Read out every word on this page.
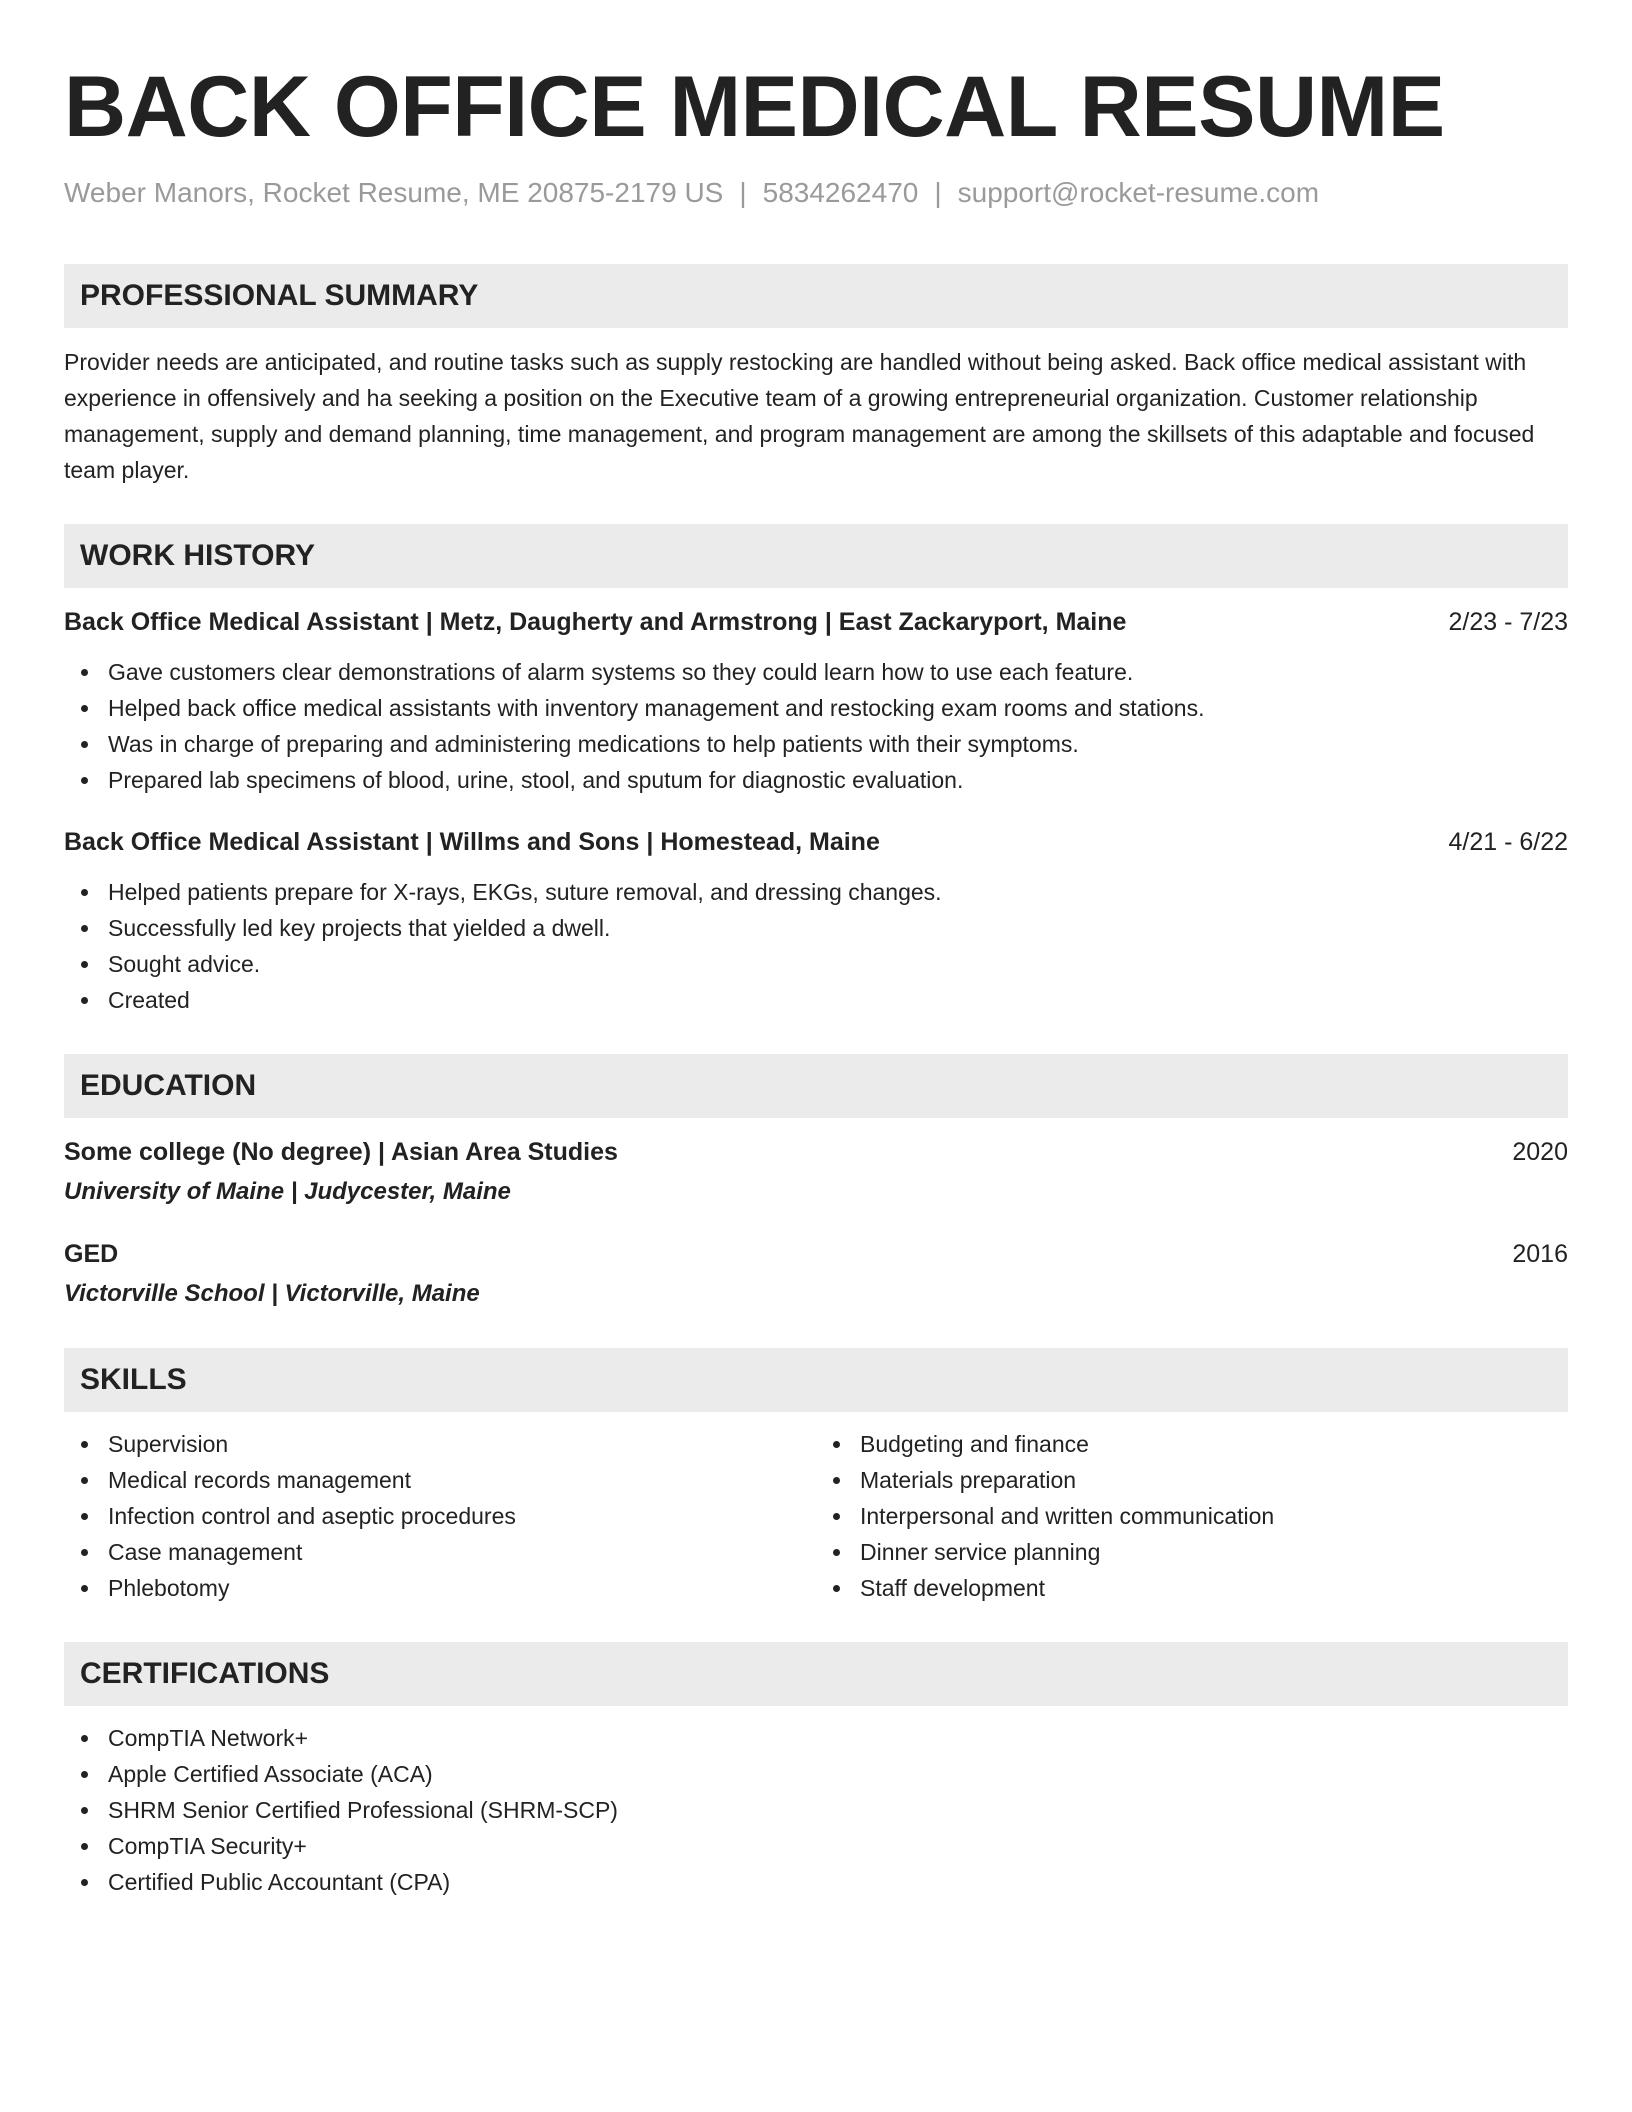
BACK OFFICE MEDICAL RESUME
Weber Manors, Rocket Resume, ME 20875-2179 US | 5834262470 | support@rocket-resume.com
PROFESSIONAL SUMMARY
Provider needs are anticipated, and routine tasks such as supply restocking are handled without being asked. Back office medical assistant with experience in offensively and ha seeking a position on the Executive team of a growing entrepreneurial organization. Customer relationship management, supply and demand planning, time management, and program management are among the skillsets of this adaptable and focused team player.
WORK HISTORY
Back Office Medical Assistant | Metz, Daugherty and Armstrong | East Zackaryport, Maine	2/23 - 7/23
Gave customers clear demonstrations of alarm systems so they could learn how to use each feature.
Helped back office medical assistants with inventory management and restocking exam rooms and stations.
Was in charge of preparing and administering medications to help patients with their symptoms.
Prepared lab specimens of blood, urine, stool, and sputum for diagnostic evaluation.
Back Office Medical Assistant | Willms and Sons | Homestead, Maine	4/21 - 6/22
Helped patients prepare for X-rays, EKGs, suture removal, and dressing changes.
Successfully led key projects that yielded a dwell.
Sought advice.
Created
EDUCATION
Some college (No degree) | Asian Area Studies	2020
University of Maine | Judycester, Maine
GED	2016
Victorville School | Victorville, Maine
SKILLS
Supervision
Medical records management
Infection control and aseptic procedures
Case management
Phlebotomy
Budgeting and finance
Materials preparation
Interpersonal and written communication
Dinner service planning
Staff development
CERTIFICATIONS
CompTIA Network+
Apple Certified Associate (ACA)
SHRM Senior Certified Professional (SHRM-SCP)
CompTIA Security+
Certified Public Accountant (CPA)
